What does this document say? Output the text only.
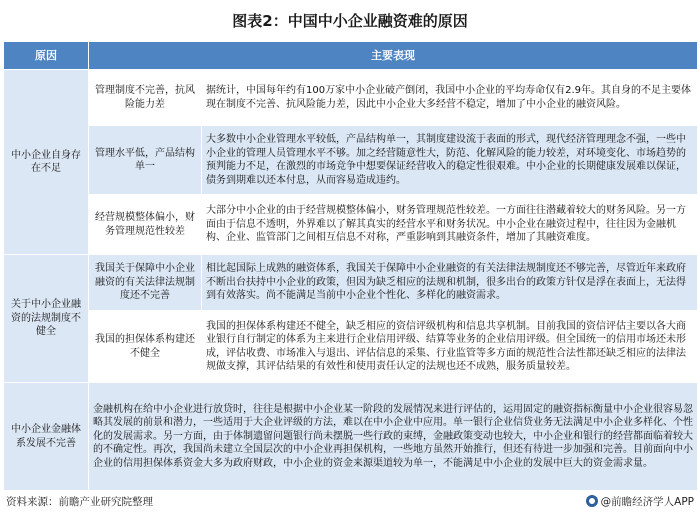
图表2：中国中小企业融资难的原因
原因	主要表现	
中小企业自身存在不足	管理制度不完善，抗风险能力差	据统计，中国每年约有100万家中小企业破产倒闭，我国中小企业的平均寿命仅有2.9年。其自身的不足主要体现在制度不完善、抗风险能力差，因此中小企业大多经营不稳定，增加了中小企业的融资风险。
	管理水平低，产品结构单一	大多数中小企业管理水平较低，产品结构单一，其制度建设流于表面的形式，现代经济管理理念不强，一些中小企业的管理人员管理水平不够。加之经营随意性大，防范、化解风险的能力较差，对环境变化、市场趋势的预判能力不足，在激烈的市场竞争中想要保证经营收入的稳定性很艰难。中小企业的长期健康发展难以保证，债务到期难以还本付息，从而容易造成违约。
	经营规模整体偏小，财务管理规范性较差	大部分中小企业的由于经营规模整体偏小，财务管理规范性较差。一方面往往潜藏着较大的财务风险。另一方面由于信息不透明，外界难以了解其真实的经营水平和财务状况。中小企业在融资过程中，往往因为金融机构、企业、监管部门之间相互信息不对称，严重影响到其融资条件，增加了其融资难度。
关于中小企业融资的法规制度不健全	我国关于保障中小企业融资的有关法律法规制度还不完善	相比起国际上成熟的融资体系，我国关于保障中小企业融资的有关法律法规制度还不够完善，尽管近年来政府不断出台扶持中小企业的政策，但因为缺乏相应的法规和机制，很多出台的政策方针仅是浮在表面上，无法得到有效落实。尚不能满足当前中小企业个性化、多样化的融资需求。
	我国的担保体系构建还不健全	我国的担保体系构建还不健全，缺乏相应的资信评级机构和信息共享机制。目前我国的资信评估主要以各大商业银行自行制定的体系为主来进行企业信用评级、结算等业务的企业信用评级。但全国统一的信用市场还未形成，评估收费、市场准入与退出、评估信息的采集、行业监管等多方面的规范性合法性都还缺乏相应的法律法规做支撑，其评估结果的有效性和使用责任认定的法规也还不成熟，服务质量较差。
中小企业金融体系发展不完善	金融机构在给中小企业进行放贷时，往往是根据中小企业某一阶段的发展情况来进行评估的，运用固定的融资指标衡量中小企业很容易忽略其发展的前景和潜力，一些适用于大企业评级的方法，难以在中小企业中应用。单一银行企业信贷业务无法满足中小企业多样化、个性化的发展需求。另一方面，由于体制遗留问题银行尚未摆脱一些行政的束缚，金融政策变动也较大，中小企业和银行的经营都面临着较大的不确定性。再次，我国尚未建立全国层次的中小企业再担保机构，一些地方虽然开始推行，但还有待进一步加强和完善。目前面向中小企业的信用担保体系资金大多为政府财政，中小企业的资金来源渠道较为单一，不能满足中小企业的发展中巨大的资金需求量。	
资料来源：前瞻产业研究院整理	@前瞻经济学人APP
